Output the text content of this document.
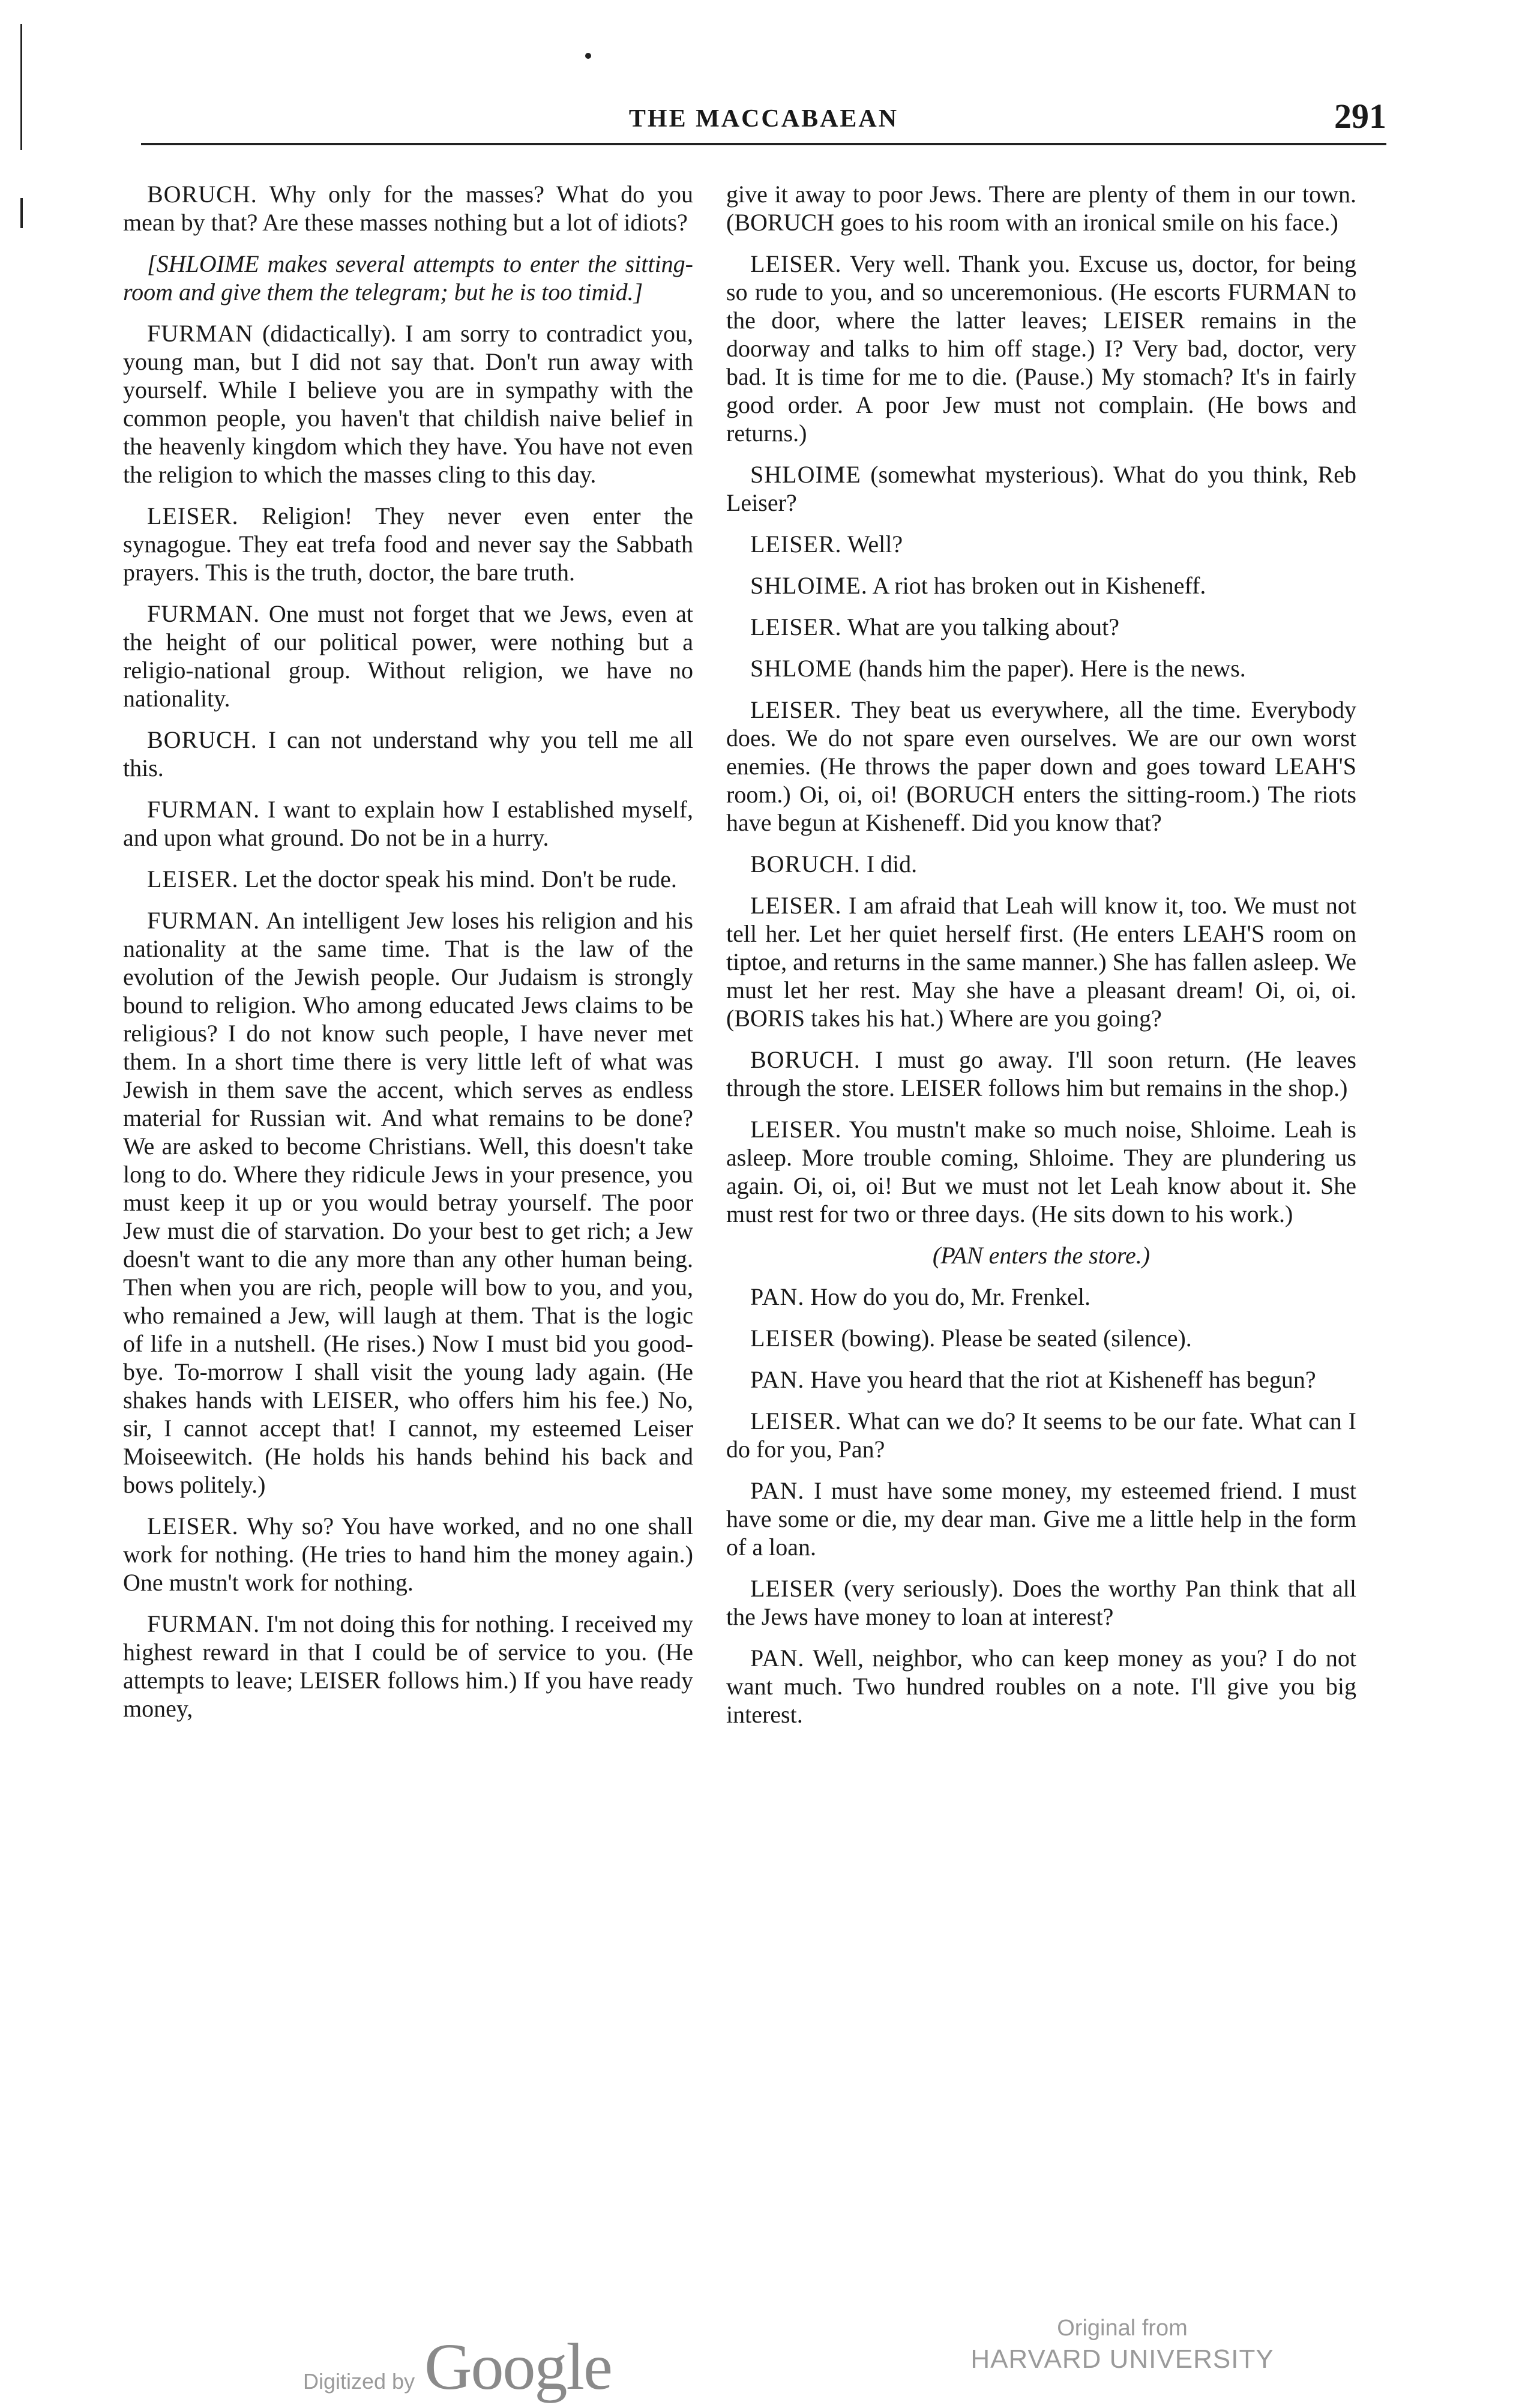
THE MACCABAEAN	291

BORUCH. Why only for the masses? What do you mean by that? Are these masses nothing but a lot of idiots?

[SHLOIME makes several attempts to enter the sitting-room and give them the telegram; but he is too timid.]

FURMAN (didactically). I am sorry to contradict you, young man, but I did not say that. Don't run away with yourself. While I believe you are in sympathy with the common people, you haven't that childish naive belief in the heavenly kingdom which they have. You have not even the religion to which the masses cling to this day.

LEISER. Religion! They never even enter the synagogue. They eat trefa food and never say the Sabbath prayers. This is the truth, doctor, the bare truth.

FURMAN. One must not forget that we Jews, even at the height of our political power, were nothing but a religio-national group. Without religion, we have no nationality.

BORUCH. I can not understand why you tell me all this.

FURMAN. I want to explain how I established myself, and upon what ground. Do not be in a hurry.

LEISER. Let the doctor speak his mind. Don't be rude.

FURMAN. An intelligent Jew loses his religion and his nationality at the same time. That is the law of the evolution of the Jewish people. Our Judaism is strongly bound to religion. Who among educated Jews claims to be religious? I do not know such people, I have never met them. In a short time there is very little left of what was Jewish in them save the accent, which serves as endless material for Russian wit. And what remains to be done? We are asked to become Christians. Well, this doesn't take long to do. Where they ridicule Jews in your presence, you must keep it up or you would betray yourself. The poor Jew must die of starvation. Do your best to get rich; a Jew doesn't want to die any more than any other human being. Then when you are rich, people will bow to you, and you, who remained a Jew, will laugh at them. That is the logic of life in a nutshell. (He rises.) Now I must bid you good-bye. To-morrow I shall visit the young lady again. (He shakes hands with LEISER, who offers him his fee.) No, sir, I cannot accept that! I cannot, my esteemed Leiser Moiseewitch. (He holds his hands behind his back and bows politely.)

LEISER. Why so? You have worked, and no one shall work for nothing. (He tries to hand him the money again.) One mustn't work for nothing.

FURMAN. I'm not doing this for nothing. I received my highest reward in that I could be of service to you. (He attempts to leave; LEISER follows him.) If you have ready money,

give it away to poor Jews. There are plenty of them in our town. (BORUCH goes to his room with an ironical smile on his face.)

LEISER. Very well. Thank you. Excuse us, doctor, for being so rude to you, and so unceremonious. (He escorts FURMAN to the door, where the latter leaves; LEISER remains in the doorway and talks to him off stage.) I? Very bad, doctor, very bad. It is time for me to die. (Pause.) My stomach? It's in fairly good order. A poor Jew must not complain. (He bows and returns.)

SHLOIME (somewhat mysterious). What do you think, Reb Leiser?

LEISER. Well?

SHLOIME. A riot has broken out in Kisheneff.

LEISER. What are you talking about?

SHLOME (hands him the paper). Here is the news.

LEISER. They beat us everywhere, all the time. Everybody does. We do not spare even ourselves. We are our own worst enemies. (He throws the paper down and goes toward LEAH'S room.) Oi, oi, oi! (BORUCH enters the sitting-room.) The riots have begun at Kisheneff. Did you know that?

BORUCH. I did.

LEISER. I am afraid that Leah will know it, too. We must not tell her. Let her quiet herself first. (He enters LEAH'S room on tiptoe, and returns in the same manner.) She has fallen asleep. We must let her rest. May she have a pleasant dream! Oi, oi, oi. (BORIS takes his hat.) Where are you going?

BORUCH. I must go away. I'll soon return. (He leaves through the store. LEISER follows him but remains in the shop.)

LEISER. You mustn't make so much noise, Shloime. Leah is asleep. More trouble coming, Shloime. They are plundering us again. Oi, oi, oi! But we must not let Leah know about it. She must rest for two or three days. (He sits down to his work.)

(PAN enters the store.)

PAN. How do you do, Mr. Frenkel.

LEISER (bowing). Please be seated (silence).

PAN. Have you heard that the riot at Kisheneff has begun?

LEISER. What can we do? It seems to be our fate. What can I do for you, Pan?

PAN. I must have some money, my esteemed friend. I must have some or die, my dear man. Give me a little help in the form of a loan.

LEISER (very seriously). Does the worthy Pan think that all the Jews have money to loan at interest?

PAN. Well, neighbor, who can keep money as you? I do not want much. Two hundred roubles on a note. I'll give you big interest.

Digitized by Google
Original from
HARVARD UNIVERSITY
